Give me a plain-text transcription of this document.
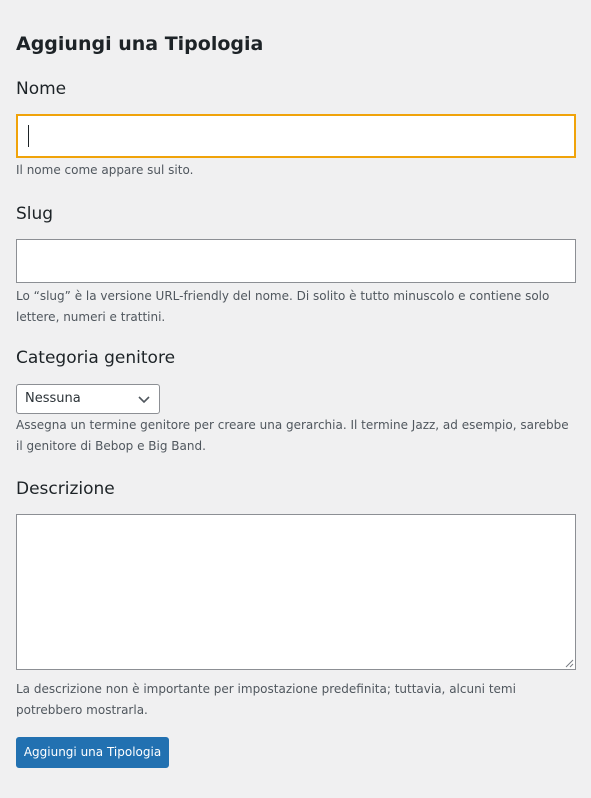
Aggiungi una Tipologia
Nome

Il nome come appare sul sito.

Slug

Lo “slug” è la versione URL-friendly del nome. Di solito è tutto minuscolo e contiene solo lettere, numeri e trattini.

Categoria genitore
Nessuna

Assegna un termine genitore per creare una gerarchia. Il termine Jazz, ad esempio, sarebbe il genitore di Bebop e Big Band.

Descrizione

La descrizione non è importante per impostazione predefinita; tuttavia, alcuni temi potrebbero mostrarla.

Aggiungi una Tipologia
